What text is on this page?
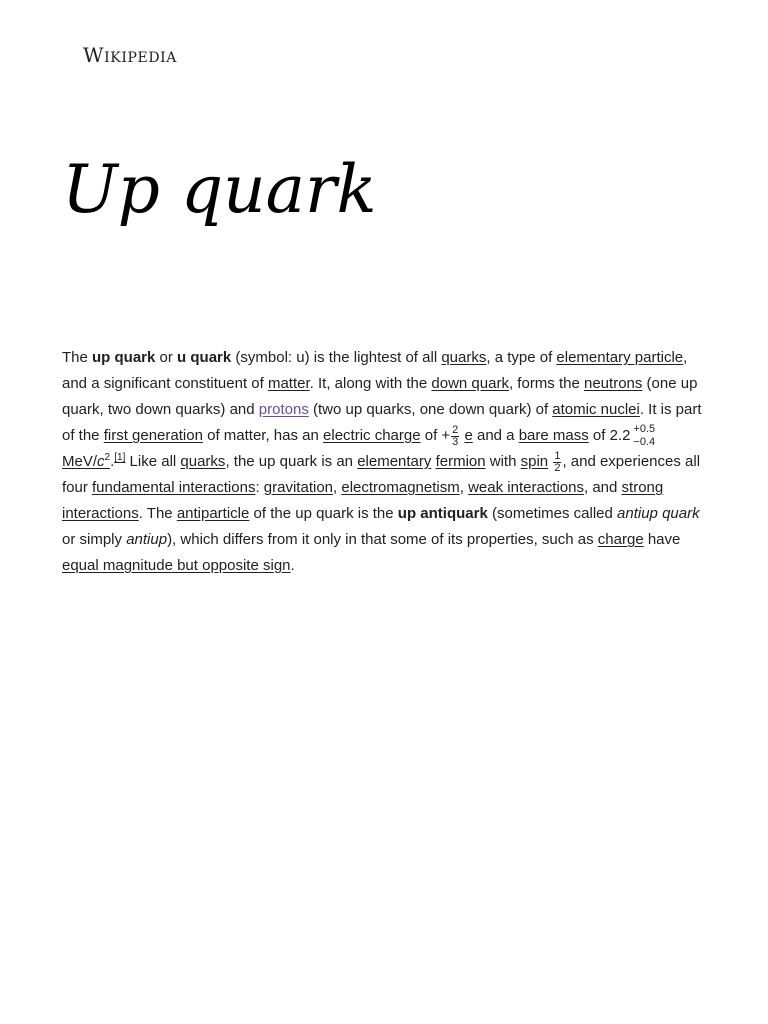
Wikipedia
Up quark

The up quark or u quark (symbol: u) is the lightest of all quarks, a type of elementary particle, and a significant constituent of matter. It, along with the down quark, forms the neutrons (one up quark, two down quarks) and protons (two up quarks, one down quark) of atomic nuclei. It is part of the first generation of matter, has an electric charge of + $\frac{2}{3}$ e and a bare mass of 2.2 +0.5
−0.4
MeV/$c^2.[1]$ Like all quarks, the up quark is an elementary fermion with spin $\frac{1}{2}$ , and experiences all four fundamental interactions: gravitation, electromagnetism, weak interactions, and strong interactions. The antiparticle of the up quark is the up antiquark (sometimes called antiup quark or simply antiup), which differs from it only in that some of its properties, such as charge have equal magnitude but opposite sign.
